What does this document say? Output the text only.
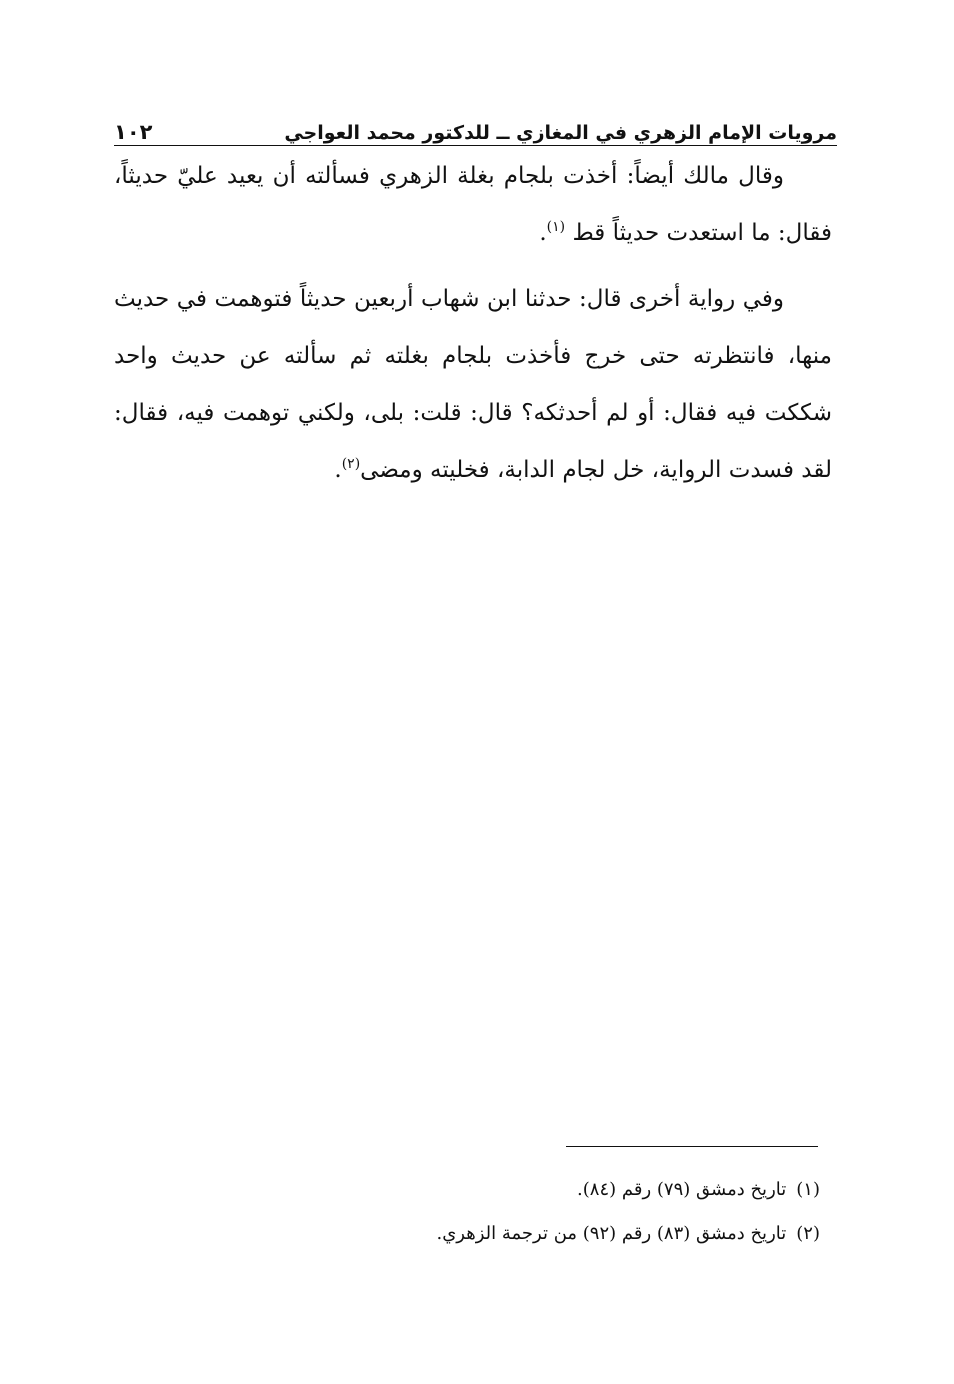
مرويات الإمام الزهري في المغازي ــ للدكتور محمد العواجي
١٠٢

وقال مالك أيضاً: أخذت بلجام بغلة الزهري فسألته أن يعيد عليّ حديثاً، فقال: ما استعدت حديثاً قط $^{(١)}$.

وفي رواية أخرى قال: حدثنا ابن شهاب أربعين حديثاً فتوهمت في حديث منها، فانتظرته حتى خرج فأخذت بلجام بغلته ثم سألته عن حديث واحد شككت فيه فقال: أو لم أحدثكه؟ قال: قلت: بلى، ولكني توهمت فيه، فقال: لقد فسدت الرواية، خل لجام الدابة، فخليته ومضى$^{(٢)}$.

(١)تاريخ دمشق (٧٩) رقم (٨٤).
(٢)تاريخ دمشق (٨٣) رقم (٩٢) من ترجمة الزهري.
